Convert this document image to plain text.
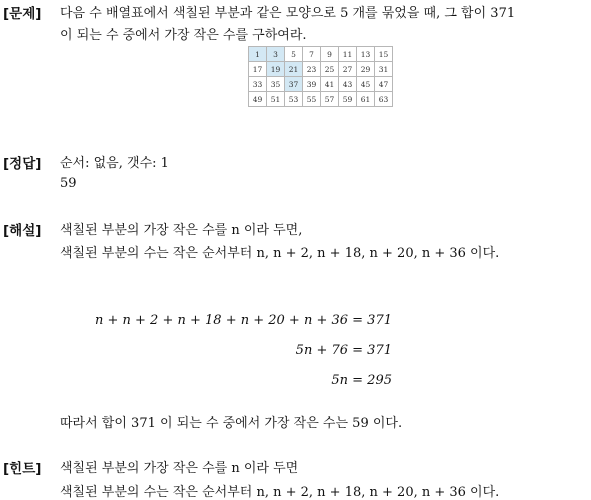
[문제] 다음 수 배열표에서 색칠된 부분과 같은 모양으로 5 개를 묶었을 때, 그 합이 371
이 되는 수 중에서 가장 작은 수를 구하여라.
1	3	5	7	9	11	13	15
17	19	21	23	25	27	29	31
33	35	37	39	41	43	45	47
49	51	53	55	57	59	61	63
[정답] 순서: 없음, 갯수: 1
59
[해설] 색칠된 부분의 가장 작은 수를 n 이라 두면,
색칠된 부분의 수는 작은 순서부터 n, n + 2, n + 18, n + 20, n + 36 이다.
n + n + 2 + n + 18 + n + 20 + n + 36 = 371
5n + 76 = 371
5n = 295
따라서 합이 371 이 되는 수 중에서 가장 작은 수는 59 이다.
[힌트] 색칠된 부분의 가장 작은 수를 n 이라 두면
색칠된 부분의 수는 작은 순서부터 n, n + 2, n + 18, n + 20, n + 36 이다.
